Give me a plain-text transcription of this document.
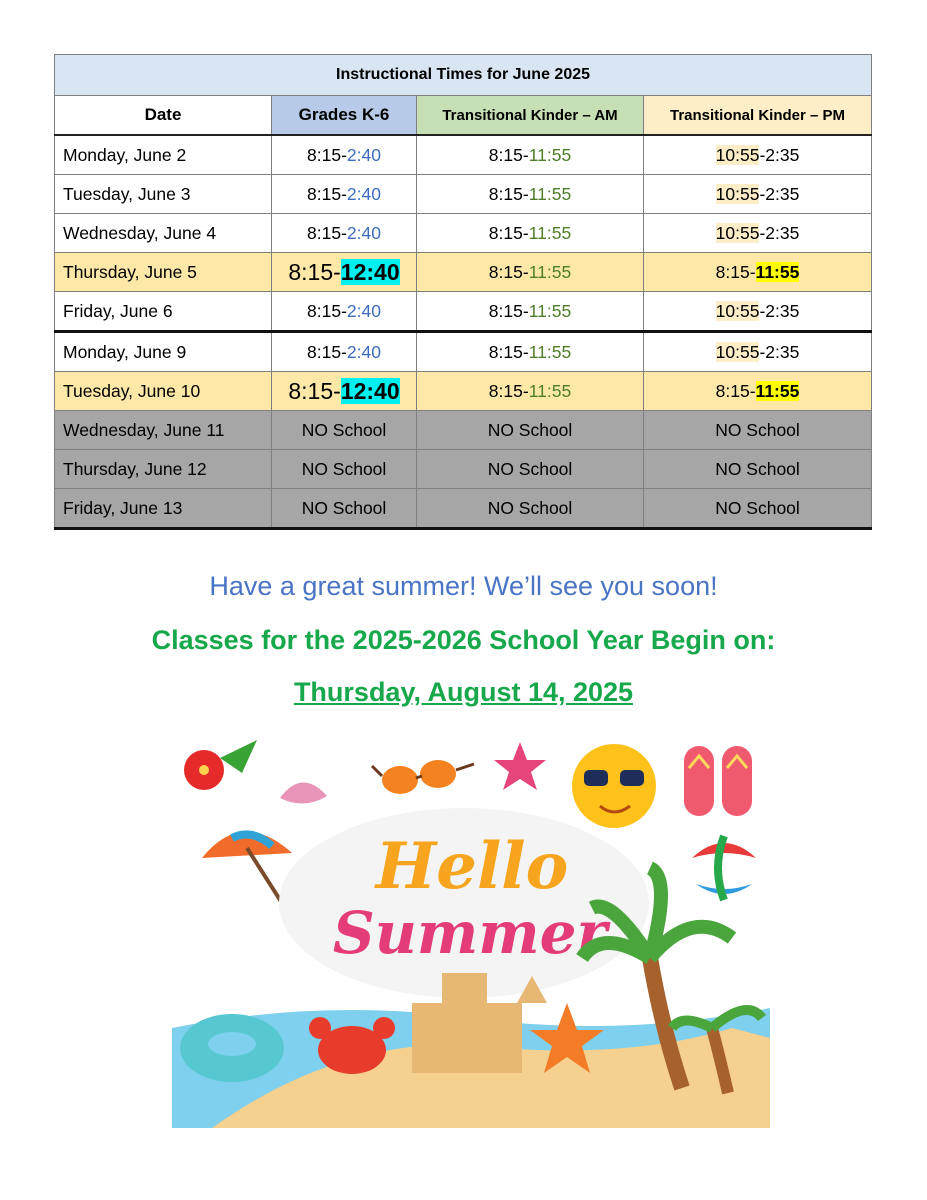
Instructional Times for June 2025			
Date	Grades K-6	Transitional Kinder – AM	Transitional Kinder – PM
Monday, June 2	8:15-2:40	8:15-11:55	10:55-2:35
Tuesday, June 3	8:15-2:40	8:15-11:55	10:55-2:35
Wednesday, June 4	8:15-2:40	8:15-11:55	10:55-2:35
Thursday, June 5	8:15-12:40	8:15-11:55	8:15-11:55
Friday, June 6	8:15-2:40	8:15-11:55	10:55-2:35
Monday, June 9	8:15-2:40	8:15-11:55	10:55-2:35
Tuesday, June 10	8:15-12:40	8:15-11:55	8:15-11:55
Wednesday, June 11	NO School	NO School	NO School
Thursday, June 12	NO School	NO School	NO School
Friday, June 13	NO School	NO School	NO School
Have a great summer! We’ll see you soon!
Classes for the 2025-2026 School Year Begin on:
Thursday, August 14, 2025
Hello
Summer
